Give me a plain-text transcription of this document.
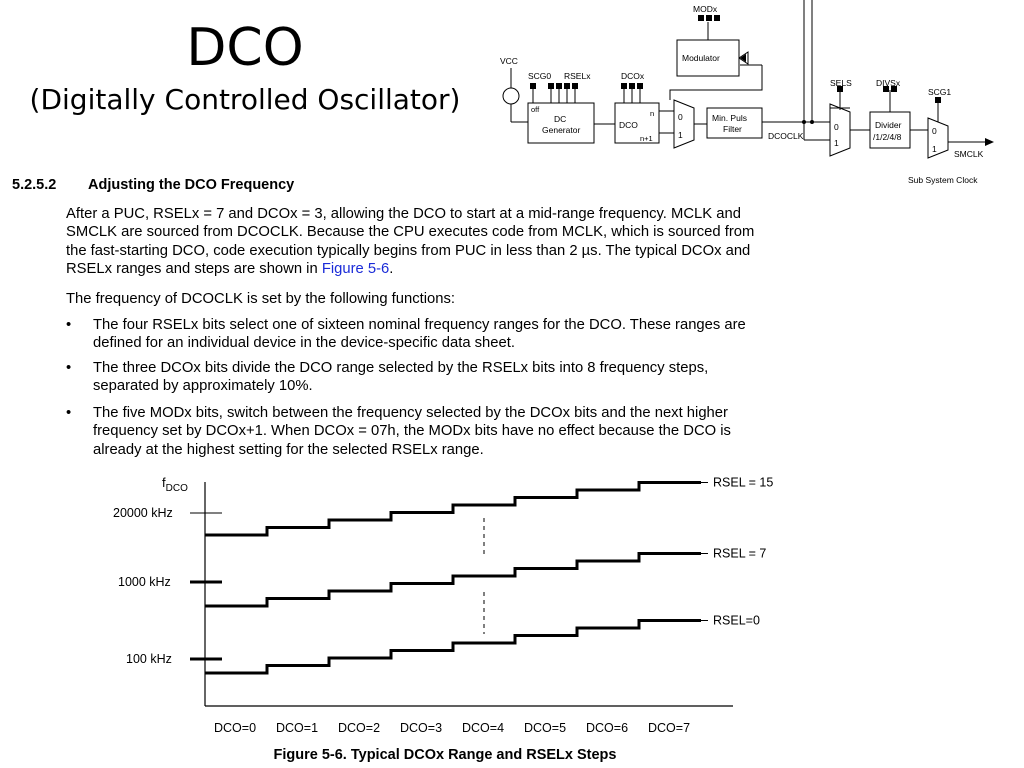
DCO
(Digitally Controlled Oscillator)
MODx
Modulator
VCC
SCG0 RSELx	DCOx
off
DC
Generator	DCO
n
n+1
0
1
Min. Puls
Filter
DCOCLK
SELS	DIVSx
SCG1
0
1
Divider
/1/2/4/8
0
1 SMCLK
Sub System Clock
5.2.5.2 Adjusting the DCO Frequency
After a PUC, RSELx = 7 and DCOx = 3, allowing the DCO to start at a mid-range frequency. MCLK and
SMCLK are sourced from DCOCLK. Because the CPU executes code from MCLK, which is sourced from
the fast-starting DCO, code execution typically begins from PUC in less than 2 µs. The typical DCOx and
RSELx ranges and steps are shown in Figure 5-6.
The frequency of DCOCLK is set by the following functions:
• The four RSELx bits select one of sixteen nominal frequency ranges for the DCO. These ranges are
defined for an individual device in the device-specific data sheet.
• The three DCOx bits divide the DCO range selected by the RSELx bits into 8 frequency steps,
separated by approximately 10%.
• The five MODx bits, switch between the frequency selected by the DCOx bits and the next higher
frequency set by DCOx+1. When DCOx = 07h, the MODx bits have no effect because the DCO is
already at the highest setting for the selected RSELx range.
$f_{DCO}$
20000 kHz
1000 kHz
100 kHz
RSEL = 15
RSEL = 7
RSEL=0
DCO=0 DCO=1 DCO=2 DCO=3 DCO=4 DCO=5 DCO=6 DCO=7
Figure 5-6. Typical DCOx Range and RSELx Steps
